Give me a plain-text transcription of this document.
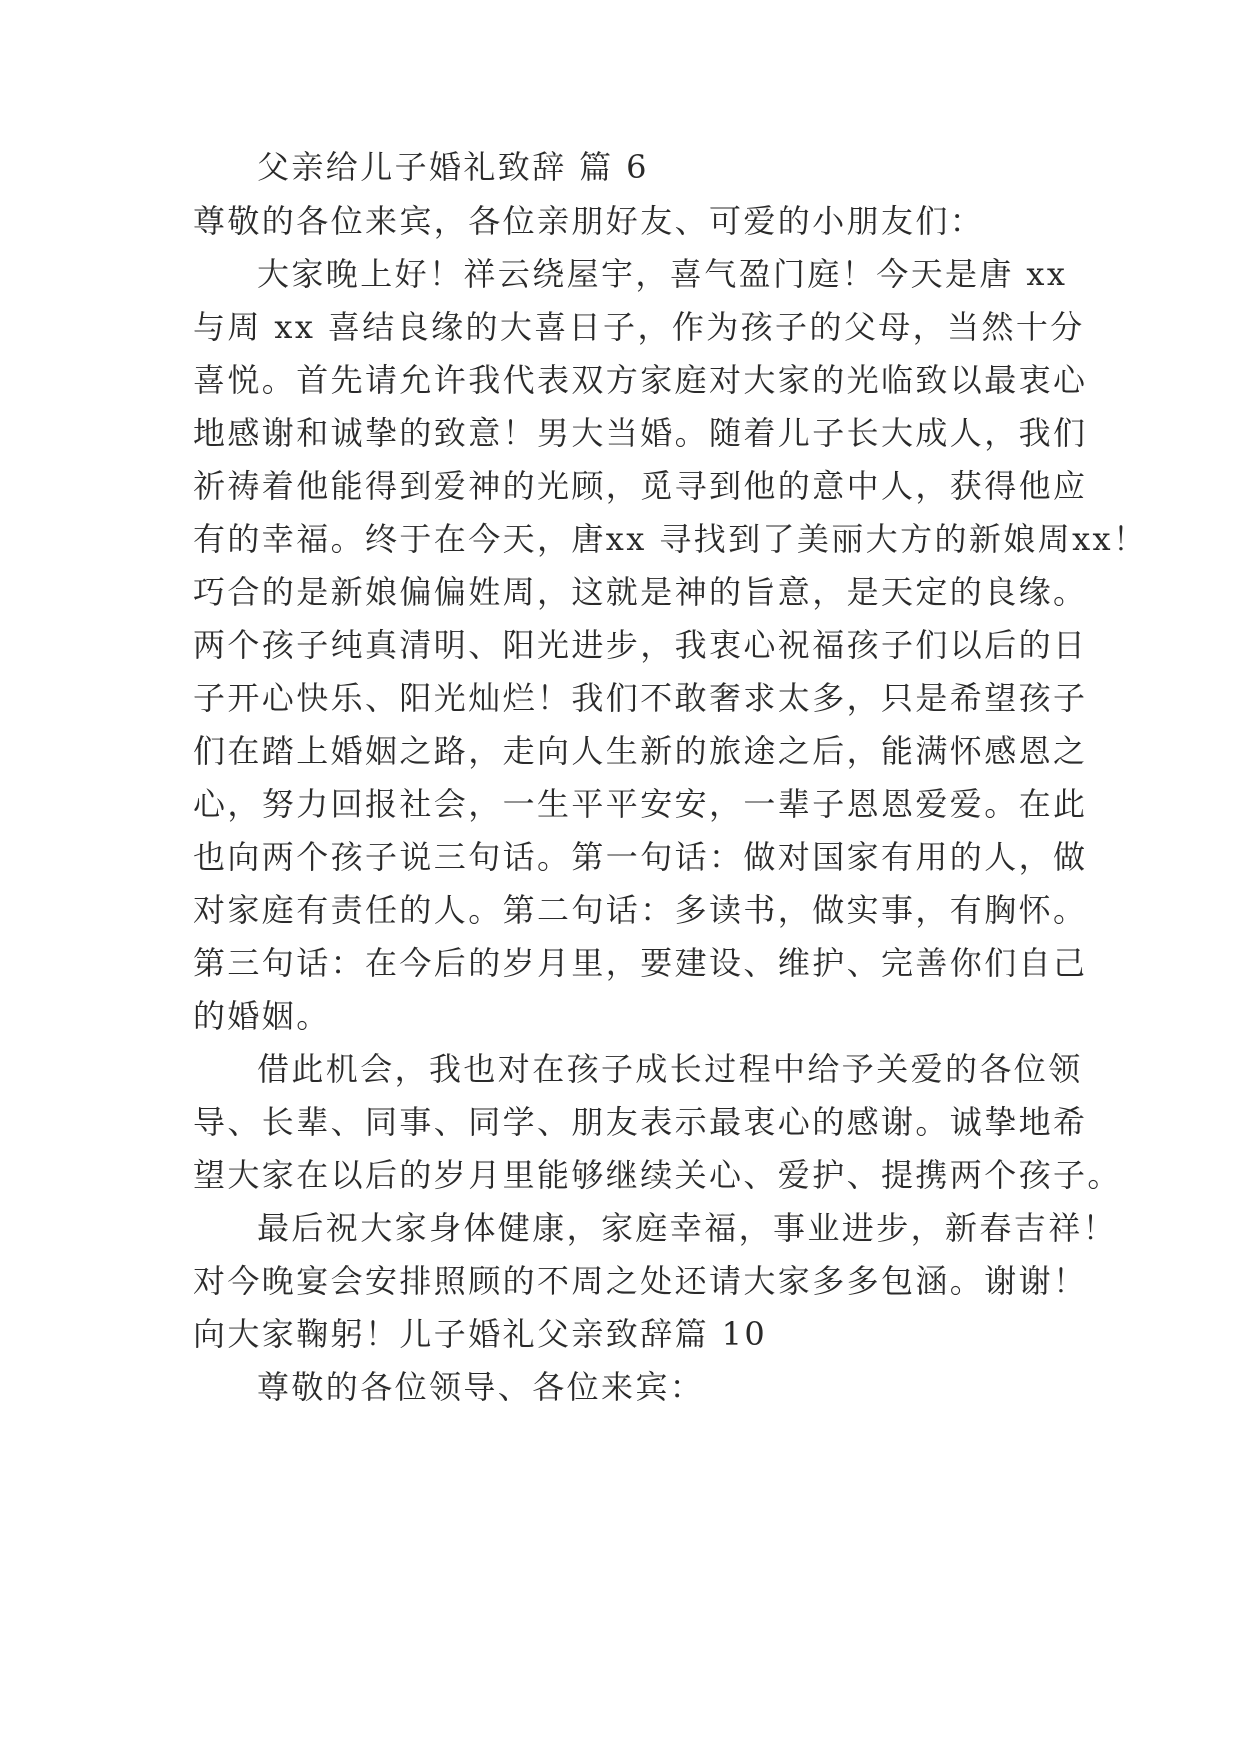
父亲给儿子婚礼致辞 篇 6
尊敬的各位来宾，各位亲朋好友、可爱的小朋友们：
大家晚上好！祥云绕屋宇，喜气盈门庭！今天是唐 xx
与周 xx 喜结良缘的大喜日子，作为孩子的父母，当然十分
喜悦。首先请允许我代表双方家庭对大家的光临致以最衷心
地感谢和诚挚的致意！男大当婚。随着儿子长大成人，我们
祈祷着他能得到爱神的光顾，觅寻到他的意中人，获得他应
有的幸福。终于在今天，唐xx 寻找到了美丽大方的新娘周xx！
巧合的是新娘偏偏姓周，这就是神的旨意，是天定的良缘。
两个孩子纯真清明、阳光进步，我衷心祝福孩子们以后的日
子开心快乐、阳光灿烂！我们不敢奢求太多，只是希望孩子
们在踏上婚姻之路，走向人生新的旅途之后，能满怀感恩之
心，努力回报社会，一生平平安安，一辈子恩恩爱爱。在此
也向两个孩子说三句话。第一句话：做对国家有用的人，做
对家庭有责任的人。第二句话：多读书，做实事，有胸怀。
第三句话：在今后的岁月里，要建设、维护、完善你们自己
的婚姻。
借此机会，我也对在孩子成长过程中给予关爱的各位领
导、长辈、同事、同学、朋友表示最衷心的感谢。诚挚地希
望大家在以后的岁月里能够继续关心、爱护、提携两个孩子。
最后祝大家身体健康，家庭幸福，事业进步，新春吉祥！
对今晚宴会安排照顾的不周之处还请大家多多包涵。谢谢！
向大家鞠躬！儿子婚礼父亲致辞篇 10
尊敬的各位领导、各位来宾：
